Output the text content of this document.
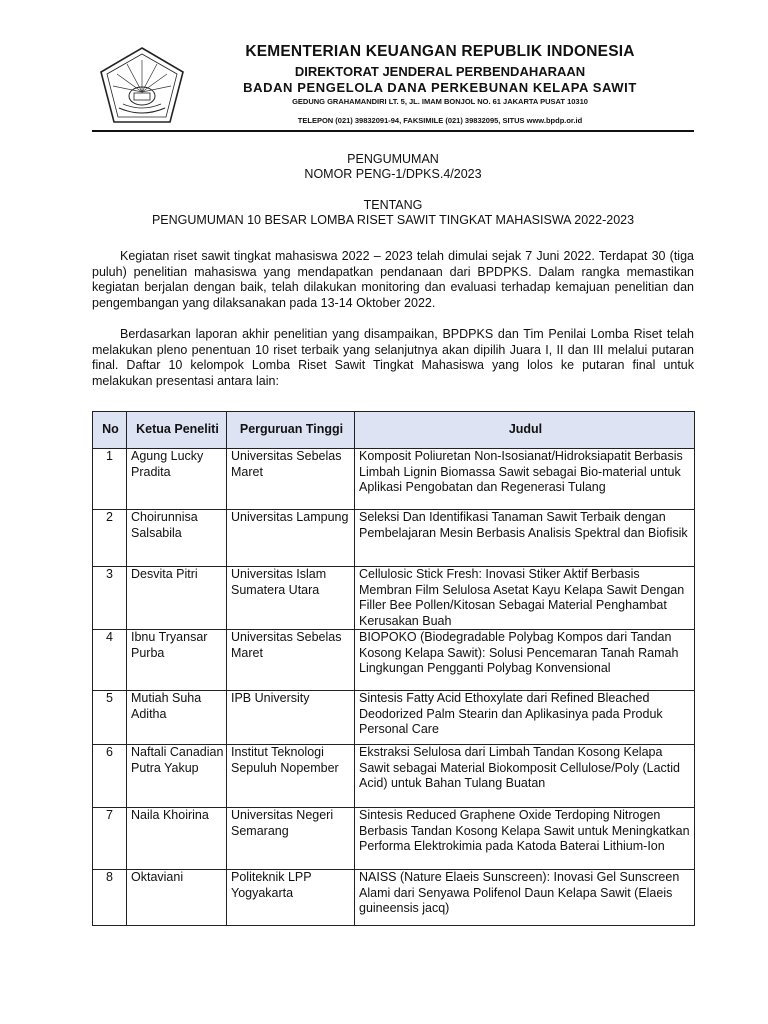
KEMENTERIAN KEUANGAN REPUBLIK INDONESIA
DIREKTORAT JENDERAL PERBENDAHARAAN
BADAN PENGELOLA DANA PERKEBUNAN KELAPA SAWIT
GEDUNG GRAHAMANDIRI LT. 5, JL. IMAM BONJOL NO. 61 JAKARTA PUSAT 10310
TELEPON (021) 39832091-94, FAKSIMILE (021) 39832095, SITUS www.bpdp.or.id
PENGUMUMAN
NOMOR PENG-1/DPKS.4/2023
TENTANG
PENGUMUMAN 10 BESAR LOMBA RISET SAWIT TINGKAT MAHASISWA 2022-2023
Kegiatan riset sawit tingkat mahasiswa 2022 – 2023 telah dimulai sejak 7 Juni 2022. Terdapat 30 (tiga puluh) penelitian mahasiswa yang mendapatkan pendanaan dari BPDPKS. Dalam rangka memastikan kegiatan berjalan dengan baik, telah dilakukan monitoring dan evaluasi terhadap kemajuan penelitian dan pengembangan yang dilaksanakan pada 13-14 Oktober 2022.
Berdasarkan laporan akhir penelitian yang disampaikan, BPDPKS dan Tim Penilai Lomba Riset telah melakukan pleno penentuan 10 riset terbaik yang selanjutnya akan dipilih Juara I, II dan III melalui putaran final. Daftar 10 kelompok Lomba Riset Sawit Tingkat Mahasiswa yang lolos ke putaran final untuk melakukan presentasi antara lain:
No	Ketua Peneliti	Perguruan Tinggi	Judul
1	Agung Lucky Pradita	Universitas Sebelas Maret	Komposit Poliuretan Non-Isosianat/Hidroksiapatit Berbasis Limbah Lignin Biomassa Sawit sebagai Bio-material untuk Aplikasi Pengobatan dan Regenerasi Tulang
2	Choirunnisa Salsabila	Universitas Lampung	Seleksi Dan Identifikasi Tanaman Sawit Terbaik dengan Pembelajaran Mesin Berbasis Analisis Spektral dan Biofisik
3	Desvita Pitri	Universitas Islam Sumatera Utara	Cellulosic Stick Fresh: Inovasi Stiker Aktif Berbasis Membran Film Selulosa Asetat Kayu Kelapa Sawit Dengan Filler Bee Pollen/Kitosan Sebagai Material Penghambat Kerusakan Buah
4	Ibnu Tryansar Purba	Universitas Sebelas Maret	BIOPOKO (Biodegradable Polybag Kompos dari Tandan Kosong Kelapa Sawit): Solusi Pencemaran Tanah Ramah Lingkungan Pengganti Polybag Konvensional
5	Mutiah Suha Aditha	IPB University	Sintesis Fatty Acid Ethoxylate dari Refined Bleached Deodorized Palm Stearin dan Aplikasinya pada Produk Personal Care
6	Naftali Canadian Putra Yakup	Institut Teknologi Sepuluh Nopember	Ekstraksi Selulosa dari Limbah Tandan Kosong Kelapa Sawit sebagai Material Biokomposit Cellulose/Poly (Lactid Acid) untuk Bahan Tulang Buatan
7	Naila Khoirina	Universitas Negeri Semarang	Sintesis Reduced Graphene Oxide Terdoping Nitrogen Berbasis Tandan Kosong Kelapa Sawit untuk Meningkatkan Performa Elektrokimia pada Katoda Baterai Lithium-Ion
8	Oktaviani	Politeknik LPP Yogyakarta	NAISS (Nature Elaeis Sunscreen): Inovasi Gel Sunscreen Alami dari Senyawa Polifenol Daun Kelapa Sawit (Elaeis guineensis jacq)
